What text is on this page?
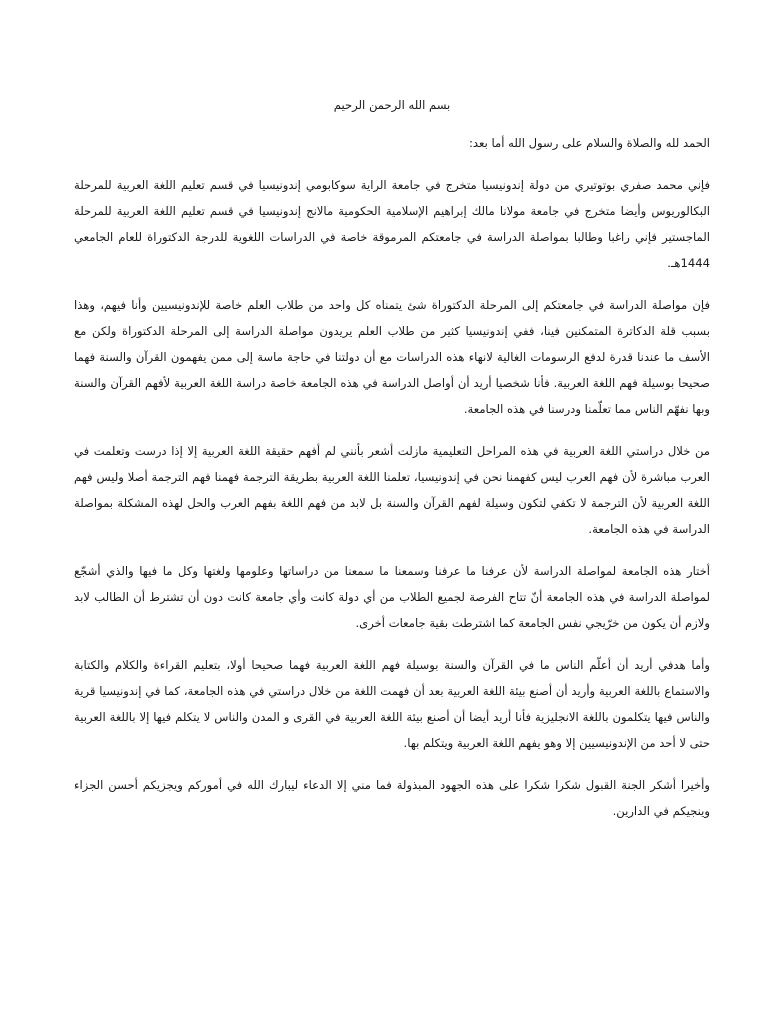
بسم الله الرحمن الرحيم

الحمد لله والصلاة والسلام على رسول الله أما بعد:

فإني محمد صفري بوتوتيري من دولة إندونيسيا متخرج في جامعة الراية سوكابومي إندونيسيا في قسم تعليم اللغة العربية للمرحلة البكالوريوس وأيضا متخرج في جامعة مولانا مالك إبراهيم الإسلامية الحكومية مالانج إندونيسيا في قسم تعليم اللغة العربية للمرحلة الماجستير فإني راغبا وطالبا بمواصلة الدراسة في جامعتكم المرموقة خاصة في الدراسات اللغوية للدرجة الدكتوراة للعام الجامعي 1444هـ.

فإن مواصلة الدراسة في جامعتكم إلى المرحلة الدكتوراة شئ يتمناه كل واحد من طلاب العلم خاصة للإندونيسيين وأنا فيهم، وهذا بسبب قلة الدكاترة المتمكنين فينا، ففي إندونيسيا كثير من طلاب العلم يريدون مواصلة الدراسة إلى المرحلة الدكتوراة ولكن مع الأسف ما عندنا قدرة لدفع الرسومات الغالية لانهاء هذه الدراسات مع أن دولتنا في حاجة ماسة إلى ممن يفهمون القرآن والسنة فهما صحيحا بوسيلة فهم اللغة العربية. فأنا شخصيا أريد أن أواصل الدراسة في هذه الجامعة خاصة دراسة اللغة العربية لأفهم القرآن والسنة وبها نفهّم الناس مما تعلّمنا ودرسنا في هذه الجامعة.

من خلال دراستي اللغة العربية في هذه المراحل التعليمية مازلت أشعر بأنني لم أفهم حقيقة اللغة العربية إلا إذا درست وتعلمت في العرب مباشرة لأن فهم العرب ليس كفهمنا نحن في إندونيسيا، تعلمنا اللغة العربية بطريقة الترجمة فهمنا فهم الترجمة أصلا وليس فهم اللغة العربية لأن الترجمة لا تكفي لتكون وسيلة لفهم القرآن والسنة بل لابد من فهم اللغة بفهم العرب والحل لهذه المشكلة بمواصلة الدراسة في هذه الجامعة.

أختار هذه الجامعة لمواصلة الدراسة لأن عرفنا ما عرفنا وسمعنا ما سمعنا من دراساتها وعلومها ولغتها وكل ما فيها والذي أشجّع لمواصلة الدراسة في هذه الجامعة أنّ تتاح الفرصة لجميع الطلاب من أي دولة كانت وأي جامعة كانت دون أن تشترط أن الطالب لابد ولازم أن يكون من خرّيجي نفس الجامعة كما اشترطت بقية جامعات أخرى.

وأما هدفي أريد أن أعلّم الناس ما في القرآن والسنة بوسيلة فهم اللغة العربية فهما صحيحا أولا، بتعليم القراءة والكلام والكتابة والاستماع باللغة العربية وأريد أن أصنع بيئة اللغة العربية بعد أن فهمت اللغة من خلال دراستي في هذه الجامعة، كما في إندونيسيا قرية والناس فيها يتكلمون باللغة الانجليزية فأنا أريد أيضا أن أصنع بيئة اللغة العربية في القرى و المدن والناس لا يتكلم فيها إلا باللغة العربية حتى لا أحد من الإندونيسيين إلا وهو يفهم اللغة العربية ويتكلم بها.

وأخيرا أشكر الجنة القبول شكرا شكرا على هذه الجهود المبذولة فما مني إلا الدعاء ليبارك الله في أموركم ويجزيكم أحسن الجزاء وينجيكم في الدارين.
